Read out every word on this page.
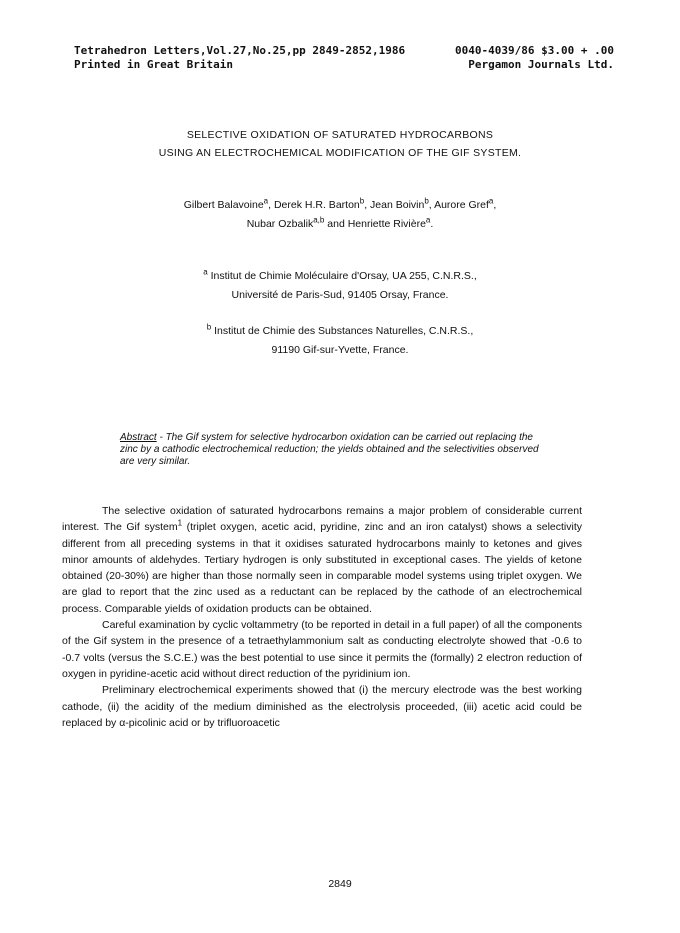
Tetrahedron Letters,Vol.27,No.25,pp 2849-2852,1986	0040-4039/86 $3.00 + .00
Printed in Great Britain	Pergamon Journals Ltd.
SELECTIVE OXIDATION OF SATURATED HYDROCARBONS
USING AN ELECTROCHEMICAL MODIFICATION OF THE GIF SYSTEM.
Gilbert Balavoine$^a$, Derek H.R. Barton$^b$, Jean Boivin$^b$, Aurore Gref$^a$,
Nubar Ozbalik$^{a,b}$ and Henriette Rivière$^a$.
$^a$ Institut de Chimie Moléculaire d'Orsay, UA 255, C.N.R.S.,
Université de Paris-Sud, 91405 Orsay, France.
$^b$ Institut de Chimie des Substances Naturelles, C.N.R.S.,
91190 Gif-sur-Yvette, France.
Abstract - The Gif system for selective hydrocarbon oxidation can be carried out replacing the zinc by a cathodic electrochemical reduction; the yields obtained and the selectivities observed are very similar.

The selective oxidation of saturated hydrocarbons remains a major problem of considerable current interest. The Gif system$^1$ (triplet oxygen, acetic acid, pyridine, zinc and an iron catalyst) shows a selectivity different from all preceding systems in that it oxidises saturated hydrocarbons mainly to ketones and gives minor amounts of aldehydes. Tertiary hydrogen is only substituted in exceptional cases. The yields of ketone obtained (20-30%) are higher than those normally seen in comparable model systems using triplet oxygen. We are glad to report that the zinc used as a reductant can be replaced by the cathode of an electrochemical process. Comparable yields of oxidation products can be obtained.

Careful examination by cyclic voltammetry (to be reported in detail in a full paper) of all the components of the Gif system in the presence of a tetraethylammonium salt as conducting electrolyte showed that -0.6 to -0.7 volts (versus the S.C.E.) was the best potential to use since it permits the (formally) 2 electron reduction of oxygen in pyridine-acetic acid without direct reduction of the pyridinium ion.

Preliminary electrochemical experiments showed that (i) the mercury electrode was the best working cathode, (ii) the acidity of the medium diminished as the electrolysis proceeded, (iii) acetic acid could be replaced by α-picolinic acid or by trifluoroacetic

2849
